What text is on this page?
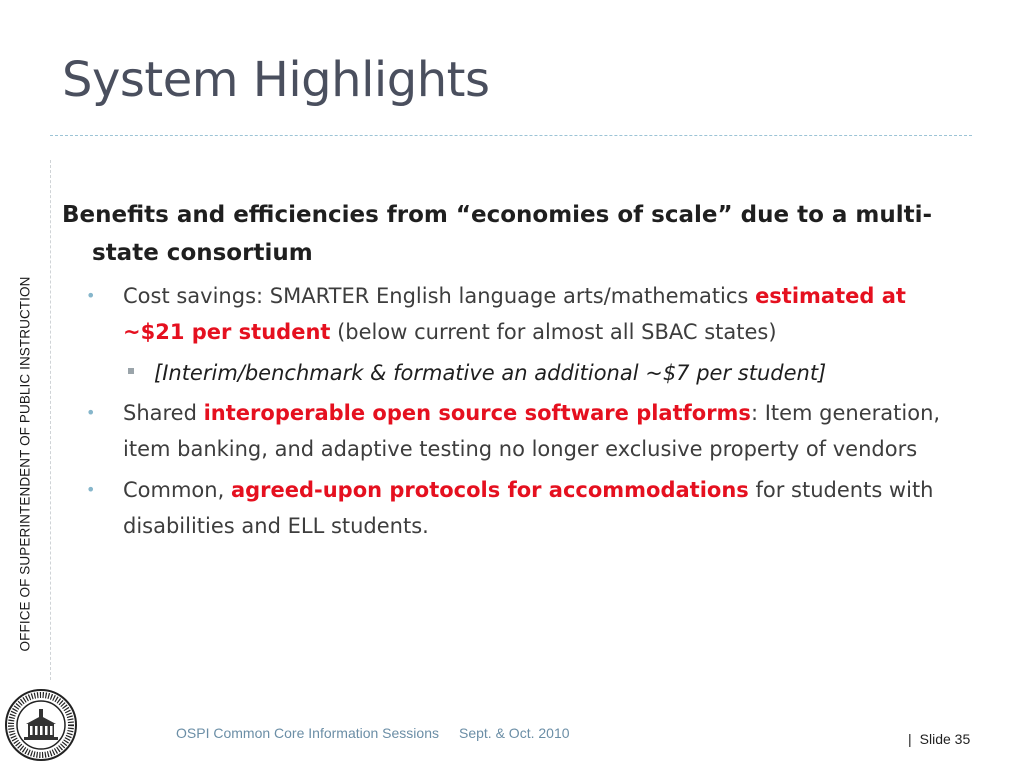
System Highlights
OFFICE OF SUPERINTENDENT OF PUBLIC INSTRUCTION

Benefits and efficiencies from “economies of scale” due to a multi-state consortium

• Cost savings: SMARTER English language arts/mathematics estimated at ~$21 per student (below current for almost all SBAC states)

[Interim/benchmark & formative an additional ~$7 per student]

• Shared interoperable open source software platforms: Item generation, item banking, and adaptive testing no longer exclusive property of vendors

• Common, agreed-upon protocols for accommodations for students with disabilities and ELL students.

OSPI Common Core Information Sessions Sept. & Oct. 2010	| Slide 35
